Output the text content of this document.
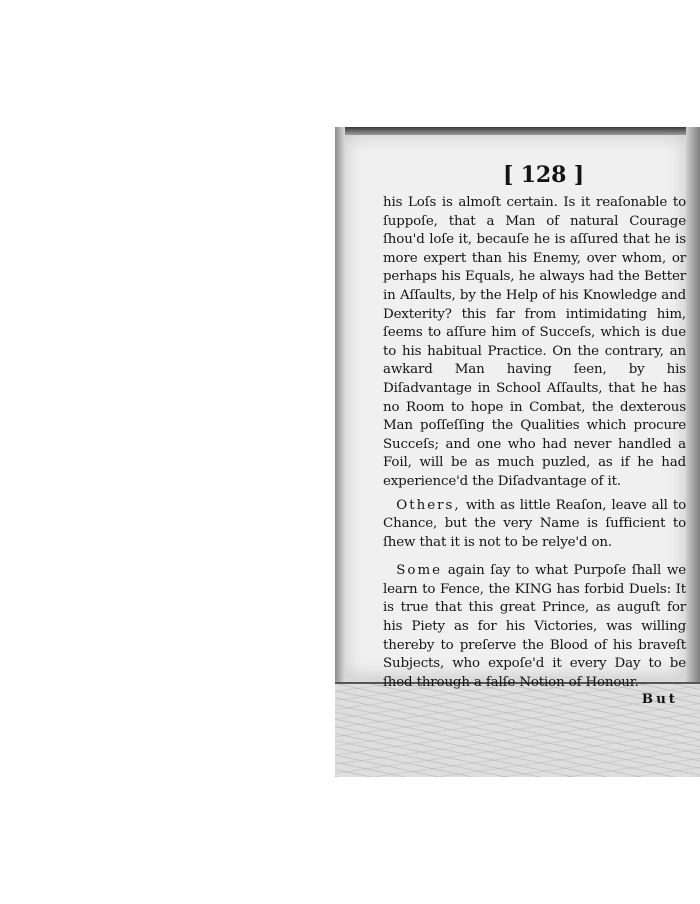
[ 128 ]

his Loſs is almoſt certain. Is it reaſonable to ſuppoſe, that a Man of natural Courage ſhou'd loſe it, becauſe he is aſſured that he is more expert than his Enemy, over whom, or perhaps his Equals, he always had the Better in Aſſaults, by the Help of his Knowledge and Dexterity? this far from intimidating him, ſeems to aſſure him of Succeſs, which is due to his habitual Practice. On the contrary, an awkard Man having ſeen, by his Diſadvantage in School Aſſaults, that he has no Room to hope in Combat, the dexterous Man poſſeſſing the Qualities which procure Succeſs; and one who had never handled a Foil, will be as much puzled, as if he had experience'd the Diſadvantage of it.

 Others, with as little Reaſon, leave all to Chance, but the very Name is ſufficient to ſhew that it is not to be relye'd on.

 Some again ſay to what Purpoſe ſhall we learn to Fence, the KING has forbid Duels: It is true that this great Prince, as auguſt for his Piety as for his Victories, was willing thereby to preſerve the Blood of his braveſt Subjects, who expoſe'd it every Day to be ſhed through a falſe Notion of Honour.

But
